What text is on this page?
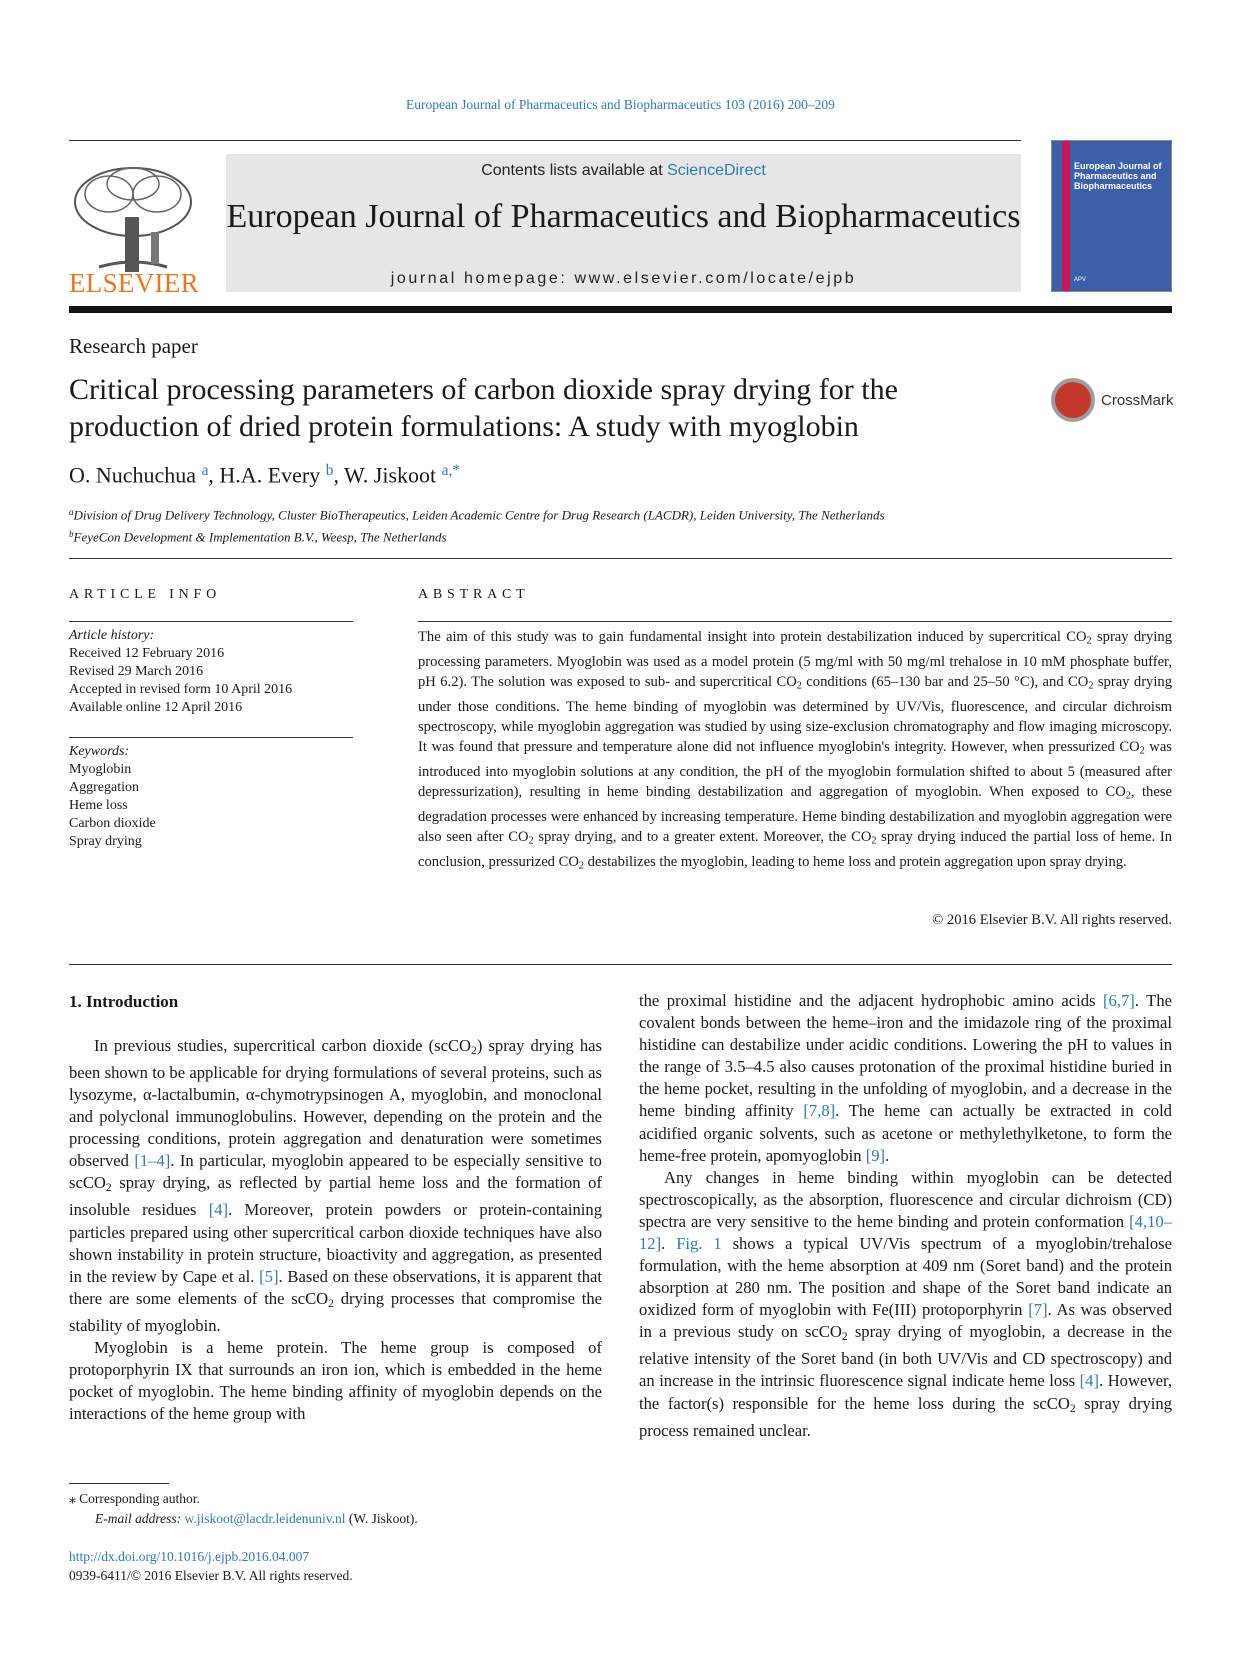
European Journal of Pharmaceutics and Biopharmaceutics 103 (2016) 200–209
ELSEVIER
Contents lists available at ScienceDirect
European Journal of Pharmaceutics and Biopharmaceutics
journal homepage: www.elsevier.com/locate/ejpb
European Journal of Pharmaceutics and Biopharmaceutics
APV
Research paper
Critical processing parameters of carbon dioxide spray drying for the production of dried protein formulations: A study with myoglobin
CrossMark
O. Nuchuchua $^a$, H.A. Every $^b$, W. Jiskoot $^{a,*}$
$^a$Division of Drug Delivery Technology, Cluster BioTherapeutics, Leiden Academic Centre for Drug Research (LACDR), Leiden University, The Netherlands
$^b$FeyeCon Development & Implementation B.V., Weesp, The Netherlands
ARTICLE INFO	ABSTRACT
Article history:
Received 12 February 2016
Revised 29 March 2016
Accepted in revised form 10 April 2016
Available online 12 April 2016
Keywords:
Myoglobin
Aggregation
Heme loss
Carbon dioxide
Spray drying
The aim of this study was to gain fundamental insight into protein destabilization induced by supercritical $CO_2$ spray drying processing parameters. Myoglobin was used as a model protein (5 mg/ml with 50 mg/ml trehalose in 10 mM phosphate buffer, pH 6.2). The solution was exposed to sub- and supercritical $CO_2$ conditions (65–130 bar and 25–50 °C), and $CO_2$ spray drying under those conditions. The heme binding of myoglobin was determined by UV/Vis, fluorescence, and circular dichroism spectroscopy, while myoglobin aggregation was studied by using size-exclusion chromatography and flow imaging microscopy. It was found that pressure and temperature alone did not influence myoglobin's integrity. However, when pressurized $CO_2$ was introduced into myoglobin solutions at any condition, the pH of the myoglobin formulation shifted to about 5 (measured after depressurization), resulting in heme binding destabilization and aggregation of myoglobin. When exposed to $CO_2$, these degradation processes were enhanced by increasing temperature. Heme binding destabilization and myoglobin aggregation were also seen after $CO_2$ spray drying, and to a greater extent. Moreover, the $CO_2$ spray drying induced the partial loss of heme. In conclusion, pressurized $CO_2$ destabilizes the myoglobin, leading to heme loss and protein aggregation upon spray drying.
© 2016 Elsevier B.V. All rights reserved.
1. Introduction

In previous studies, supercritical carbon dioxide (scCO$_2$) spray drying has been shown to be applicable for drying formulations of several proteins, such as lysozyme, α-lactalbumin, α-chymotrypsinogen A, myoglobin, and monoclonal and polyclonal immunoglobulins. However, depending on the protein and the processing conditions, protein aggregation and denaturation were sometimes observed [1–4]. In particular, myoglobin appeared to be especially sensitive to scCO$_2$ spray drying, as reflected by partial heme loss and the formation of insoluble residues [4]. Moreover, protein powders or protein-containing particles prepared using other supercritical carbon dioxide techniques have also shown instability in protein structure, bioactivity and aggregation, as presented in the review by Cape et al. [5]. Based on these observations, it is apparent that there are some elements of the scCO$_2$ drying processes that compromise the stability of myoglobin.

Myoglobin is a heme protein. The heme group is composed of protoporphyrin IX that surrounds an iron ion, which is embedded in the heme pocket of myoglobin. The heme binding affinity of myoglobin depends on the interactions of the heme group with

the proximal histidine and the adjacent hydrophobic amino acids [6,7]. The covalent bonds between the heme–iron and the imidazole ring of the proximal histidine can destabilize under acidic conditions. Lowering the pH to values in the range of 3.5–4.5 also causes protonation of the proximal histidine buried in the heme pocket, resulting in the unfolding of myoglobin, and a decrease in the heme binding affinity [7,8]. The heme can actually be extracted in cold acidified organic solvents, such as acetone or methylethylketone, to form the heme-free protein, apomyoglobin [9].

Any changes in heme binding within myoglobin can be detected spectroscopically, as the absorption, fluorescence and circular dichroism (CD) spectra are very sensitive to the heme binding and protein conformation [4,10–12]. Fig. 1 shows a typical UV/Vis spectrum of a myoglobin/trehalose formulation, with the heme absorption at 409 nm (Soret band) and the protein absorption at 280 nm. The position and shape of the Soret band indicate an oxidized form of myoglobin with Fe(III) protoporphyrin [7]. As was observed in a previous study on scCO$_2$ spray drying of myoglobin, a decrease in the relative intensity of the Soret band (in both UV/Vis and CD spectroscopy) and an increase in the intrinsic fluorescence signal indicate heme loss [4]. However, the factor(s) responsible for the heme loss during the scCO$_2$ spray drying process remained unclear.

⁎ Corresponding author.
E-mail address: w.jiskoot@lacdr.leidenuniv.nl (W. Jiskoot).
http://dx.doi.org/10.1016/j.ejpb.2016.04.007
0939-6411/© 2016 Elsevier B.V. All rights reserved.
